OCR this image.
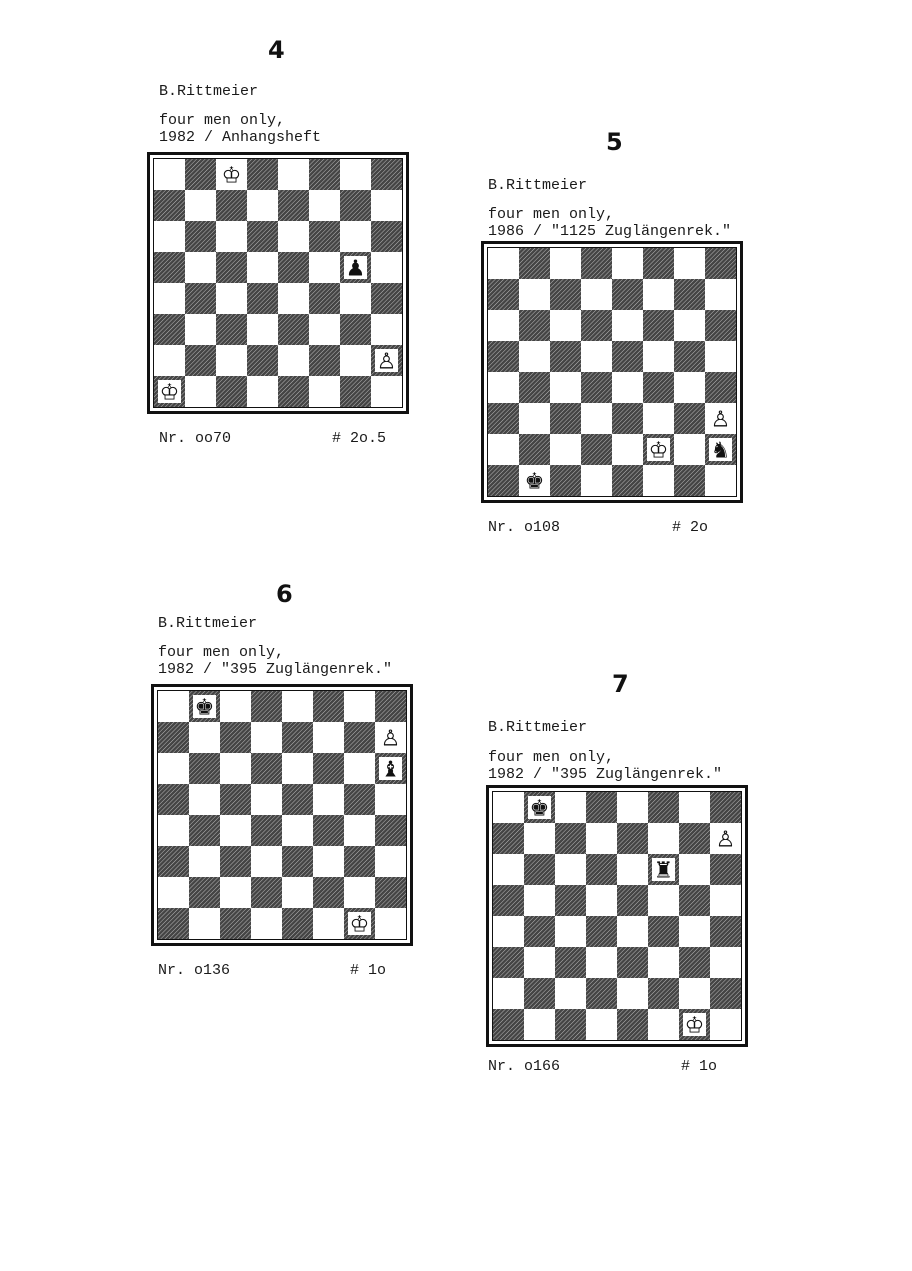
4
B.Rittmeier
four men only,
1982 / Anhangsheft
♔
♟
♙
♔
Nr. oo70	# 2o.5
5
B.Rittmeier
four men only,
1986 / "1125 Zuglängenrek."
♙
♔ ♞
♚
Nr. o108	# 2o
6
B.Rittmeier
four men only,
1982 / "395 Zuglängenrek."
♚
♙
♝
♔
Nr. o136	# 1o
7
B.Rittmeier
four men only,
1982 / "395 Zuglängenrek."
♚
♙
♜
♔
Nr. o166	# 1o
